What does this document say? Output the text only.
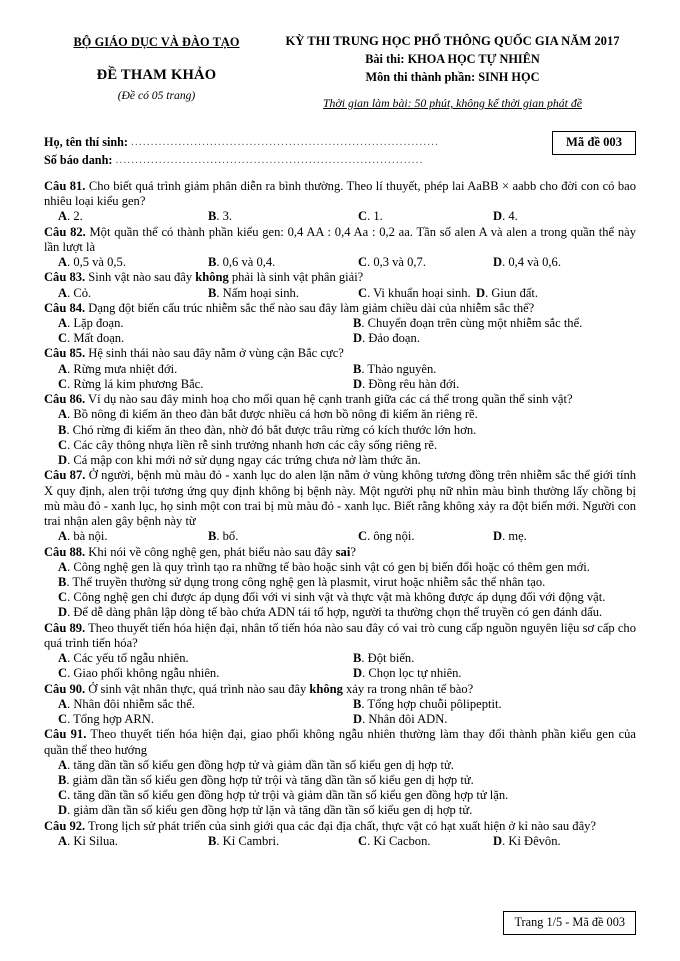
BỘ GIÁO DỤC VÀ ĐÀO TẠO
ĐỀ THAM KHẢO
(Đề có 05 trang)
KỲ THI TRUNG HỌC PHỔ THÔNG QUỐC GIA NĂM 2017
Bài thi: KHOA HỌC TỰ NHIÊN
Môn thi thành phần: SINH HỌC
Thời gian làm bài: 50 phút, không kể thời gian phát đề
Họ, tên thí sinh: ..............................................................................
Số báo danh: ..............................................................................
Mã đề 003
Câu 81. Cho biết quá trình giảm phân diễn ra bình thường. Theo lí thuyết, phép lai AaBB × aabb cho đời con có bao nhiêu loại kiểu gen?
A. 2.	B. 3.	C. 1.	D. 4.
Câu 82. Một quần thể có thành phần kiểu gen: 0,4 AA : 0,4 Aa : 0,2 aa. Tần số alen A và alen a trong quần thể này lần lượt là
A. 0,5 và 0,5.	B. 0,6 và 0,4.	C. 0,3 và 0,7.	D. 0,4 và 0,6.
Câu 83. Sinh vật nào sau đây không phải là sinh vật phân giải?
A. Cỏ.	B. Nấm hoại sinh.	C. Vi khuẩn hoại sinh. D. Giun đất.
Câu 84. Dạng đột biến cấu trúc nhiễm sắc thể nào sau đây làm giảm chiều dài của nhiễm sắc thể?
A. Lặp đoạn.	B. Chuyển đoạn trên cùng một nhiễm sắc thể.
C. Mất đoạn.	D. Đảo đoạn.
Câu 85. Hệ sinh thái nào sau đây nằm ở vùng cận Bắc cực?
A. Rừng mưa nhiệt đới.	B. Thảo nguyên.
C. Rừng lá kim phương Bắc.	D. Đồng rêu hàn đới.
Câu 86. Ví dụ nào sau đây minh hoạ cho mối quan hệ cạnh tranh giữa các cá thể trong quần thể sinh vật?
A. Bồ nông đi kiếm ăn theo đàn bắt được nhiều cá hơn bồ nông đi kiếm ăn riêng rẽ.
B. Chó rừng đi kiếm ăn theo đàn, nhờ đó bắt được trâu rừng có kích thước lớn hơn.
C. Các cây thông nhựa liền rễ sinh trưởng nhanh hơn các cây sống riêng rẽ.
D. Cá mập con khi mới nở sử dụng ngay các trứng chưa nở làm thức ăn.
Câu 87. Ở người, bệnh mù màu đỏ - xanh lục do alen lặn nằm ở vùng không tương đồng trên nhiễm sắc thể giới tính X quy định, alen trội tương ứng quy định không bị bệnh này. Một người phụ nữ nhìn màu bình thường lấy chồng bị mù màu đỏ - xanh lục, họ sinh một con trai bị mù màu đỏ - xanh lục. Biết rằng không xảy ra đột biến mới. Người con trai nhận alen gây bệnh này từ
A. bà nội.	B. bố.	C. ông nội.	D. mẹ.
Câu 88. Khi nói về công nghệ gen, phát biểu nào sau đây sai?
A. Công nghệ gen là quy trình tạo ra những tế bào hoặc sinh vật có gen bị biến đổi hoặc có thêm gen mới.
B. Thể truyền thường sử dụng trong công nghệ gen là plasmit, virut hoặc nhiễm sắc thể nhân tạo.
C. Công nghệ gen chỉ được áp dụng đối với vi sinh vật và thực vật mà không được áp dụng đối với động vật.
D. Để dễ dàng phân lập dòng tế bào chứa ADN tái tổ hợp, người ta thường chọn thể truyền có gen đánh dấu.
Câu 89. Theo thuyết tiến hóa hiện đại, nhân tố tiến hóa nào sau đây có vai trò cung cấp nguồn nguyên liệu sơ cấp cho quá trình tiến hóa?
A. Các yếu tố ngẫu nhiên.	B. Đột biến.
C. Giao phối không ngẫu nhiên.	D. Chọn lọc tự nhiên.
Câu 90. Ở sinh vật nhân thực, quá trình nào sau đây không xảy ra trong nhân tế bào?
A. Nhân đôi nhiễm sắc thể.	B. Tổng hợp chuỗi pôlipeptit.
C. Tổng hợp ARN.	D. Nhân đôi ADN.
Câu 91. Theo thuyết tiến hóa hiện đại, giao phối không ngẫu nhiên thường làm thay đổi thành phần kiểu gen của quần thể theo hướng
A. tăng dần tần số kiểu gen đồng hợp tử và giảm dần tần số kiểu gen dị hợp tử.
B. giảm dần tần số kiểu gen đồng hợp tử trội và tăng dần tần số kiểu gen dị hợp tử.
C. tăng dần tần số kiểu gen đồng hợp tử trội và giảm dần tần số kiểu gen đồng hợp tử lặn.
D. giảm dần tần số kiểu gen đồng hợp tử lặn và tăng dần tần số kiểu gen dị hợp tử.
Câu 92. Trong lịch sử phát triển của sinh giới qua các đại địa chất, thực vật có hạt xuất hiện ở kỉ nào sau đây?
A. Kỉ Silua.	B. Kỉ Cambri.	C. Kỉ Cacbon.	D. Kỉ Đêvôn.
Trang 1/5 - Mã đề 003
